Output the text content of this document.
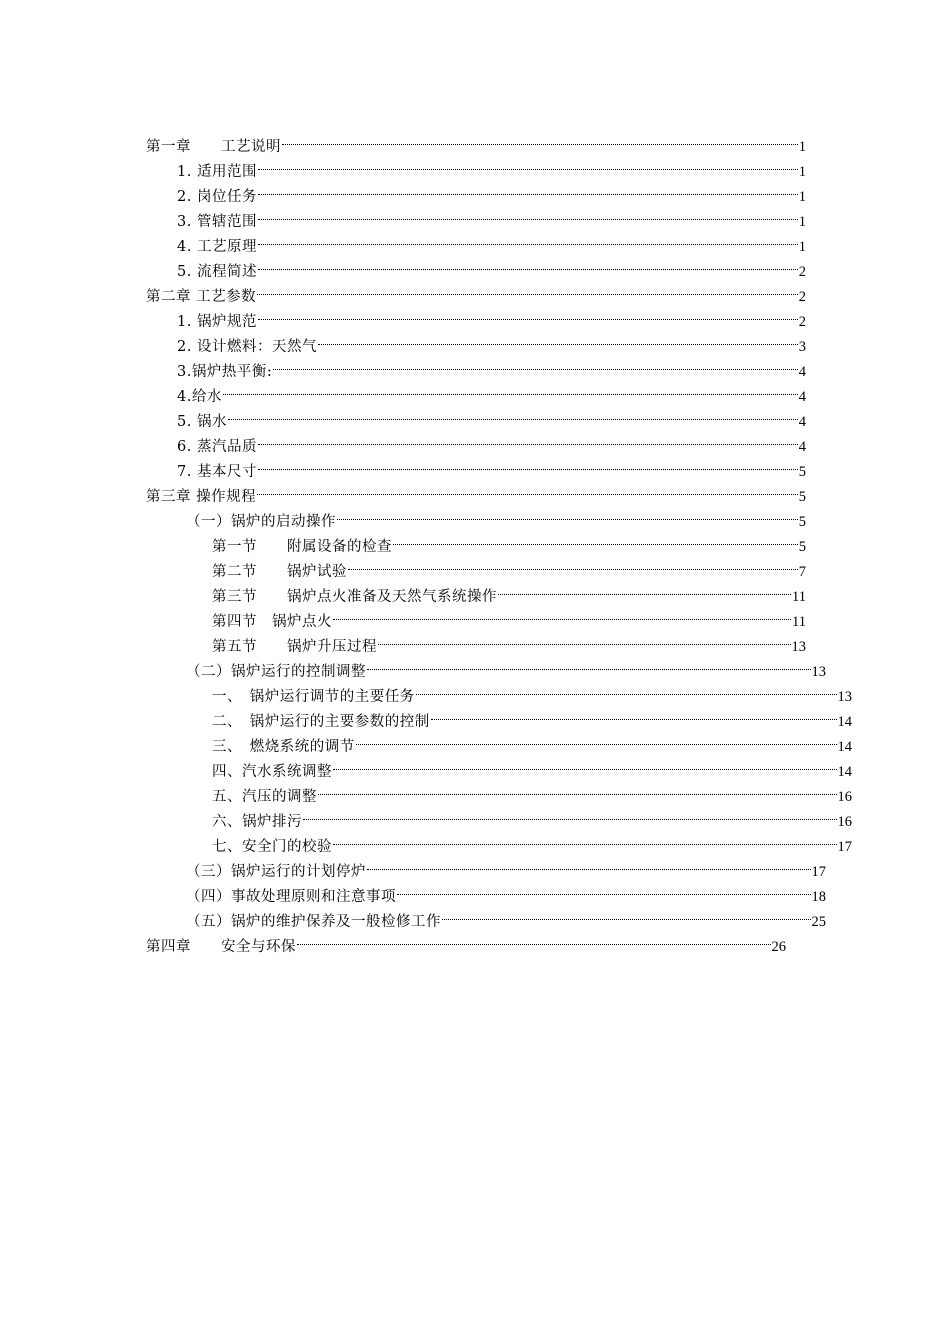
第一章　　工艺说明	1
1. 适用范围	1
2. 岗位任务	1
3. 管辖范围	1
4. 工艺原理	1
5. 流程简述	2
第二章 工艺参数	2
1. 锅炉规范	2
2. 设计燃料：天然气	3
3.锅炉热平衡:	4
4.给水	4
5. 锅水	4
6. 蒸汽品质	4
7. 基本尺寸	5
第三章 操作规程	5
（一）锅炉的启动操作	5
第一节　　附属设备的检查	5
第二节　　锅炉试验	7
第三节　　锅炉点火准备及天然气系统操作	11
第四节　锅炉点火	11
第五节　　锅炉升压过程	13
（二）锅炉运行的控制调整	13
一、　锅炉运行调节的主要任务	13
二、　锅炉运行的主要参数的控制	14
三、　燃烧系统的调节	14
四、汽水系统调整	14
五、汽压的调整	16
六、锅炉排污	16
七、安全门的校验	17
（三）锅炉运行的计划停炉	17
（四）事故处理原则和注意事项	18
（五）锅炉的维护保养及一般检修工作	25
第四章　　安全与环保	26
